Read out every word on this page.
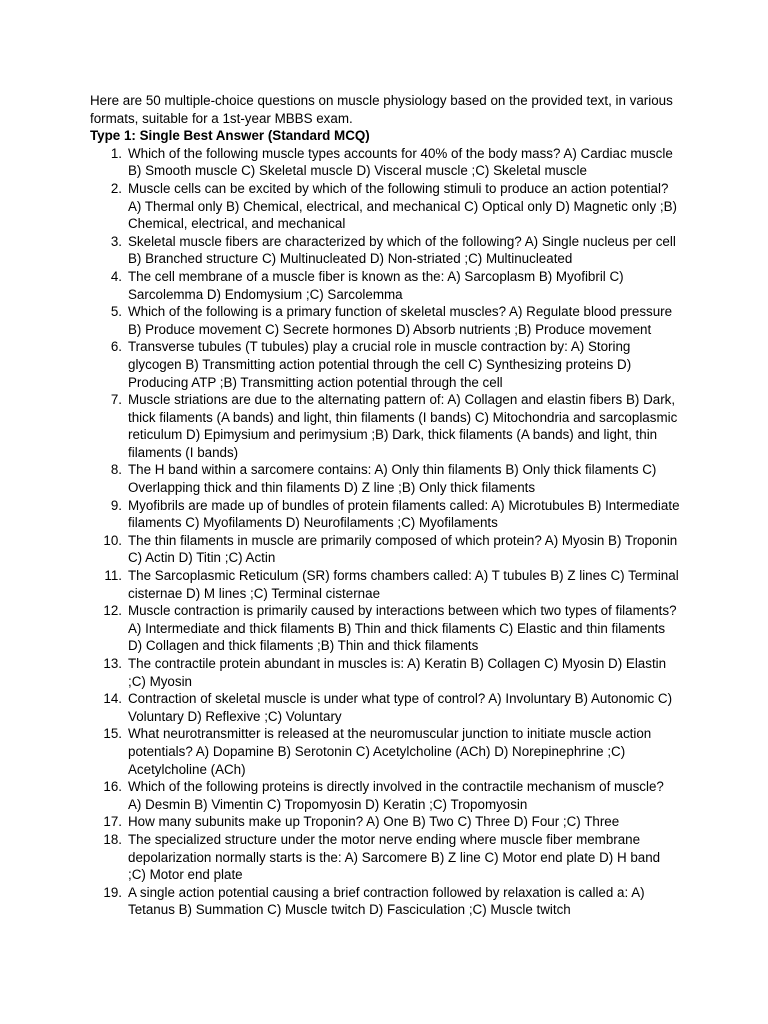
Here are 50 multiple-choice questions on muscle physiology based on the provided text, in various formats, suitable for a 1st-year MBBS exam.

Type 1: Single Best Answer (Standard MCQ)

1. Which of the following muscle types accounts for 40% of the body mass? A) Cardiac muscle B) Smooth muscle C) Skeletal muscle D) Visceral muscle ;C) Skeletal muscle
2. Muscle cells can be excited by which of the following stimuli to produce an action potential? A) Thermal only B) Chemical, electrical, and mechanical C) Optical only D) Magnetic only ;B) Chemical, electrical, and mechanical
3. Skeletal muscle fibers are characterized by which of the following? A) Single nucleus per cell B) Branched structure C) Multinucleated D) Non-striated ;C) Multinucleated
4. The cell membrane of a muscle fiber is known as the: A) Sarcoplasm B) Myofibril C) Sarcolemma D) Endomysium ;C) Sarcolemma
5. Which of the following is a primary function of skeletal muscles? A) Regulate blood pressure B) Produce movement C) Secrete hormones D) Absorb nutrients ;B) Produce movement
6. Transverse tubules (T tubules) play a crucial role in muscle contraction by: A) Storing glycogen B) Transmitting action potential through the cell C) Synthesizing proteins D) Producing ATP ;B) Transmitting action potential through the cell
7. Muscle striations are due to the alternating pattern of: A) Collagen and elastin fibers B) Dark, thick filaments (A bands) and light, thin filaments (I bands) C) Mitochondria and sarcoplasmic reticulum D) Epimysium and perimysium ;B) Dark, thick filaments (A bands) and light, thin filaments (I bands)
8. The H band within a sarcomere contains: A) Only thin filaments B) Only thick filaments C) Overlapping thick and thin filaments D) Z line ;B) Only thick filaments
9. Myofibrils are made up of bundles of protein filaments called: A) Microtubules B) Intermediate filaments C) Myofilaments D) Neurofilaments ;C) Myofilaments
10. The thin filaments in muscle are primarily composed of which protein? A) Myosin B) Troponin C) Actin D) Titin ;C) Actin
11. The Sarcoplasmic Reticulum (SR) forms chambers called: A) T tubules B) Z lines C) Terminal cisternae D) M lines ;C) Terminal cisternae
12. Muscle contraction is primarily caused by interactions between which two types of filaments? A) Intermediate and thick filaments B) Thin and thick filaments C) Elastic and thin filaments D) Collagen and thick filaments ;B) Thin and thick filaments
13. The contractile protein abundant in muscles is: A) Keratin B) Collagen C) Myosin D) Elastin ;C) Myosin
14. Contraction of skeletal muscle is under what type of control? A) Involuntary B) Autonomic C) Voluntary D) Reflexive ;C) Voluntary
15. What neurotransmitter is released at the neuromuscular junction to initiate muscle action potentials? A) Dopamine B) Serotonin C) Acetylcholine (ACh) D) Norepinephrine ;C) Acetylcholine (ACh)
16. Which of the following proteins is directly involved in the contractile mechanism of muscle? A) Desmin B) Vimentin C) Tropomyosin D) Keratin ;C) Tropomyosin
17. How many subunits make up Troponin? A) One B) Two C) Three D) Four ;C) Three
18. The specialized structure under the motor nerve ending where muscle fiber membrane depolarization normally starts is the: A) Sarcomere B) Z line C) Motor end plate D) H band ;C) Motor end plate
19. A single action potential causing a brief contraction followed by relaxation is called a: A) Tetanus B) Summation C) Muscle twitch D) Fasciculation ;C) Muscle twitch
